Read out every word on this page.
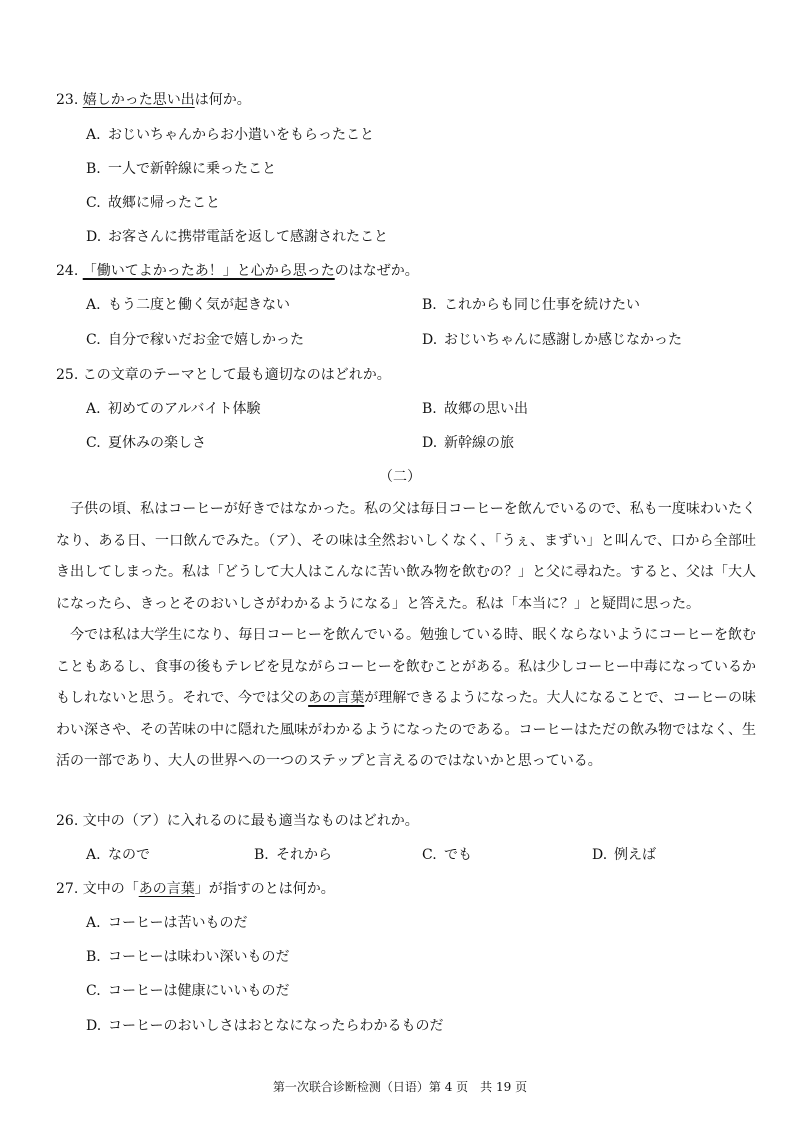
23. 嬉しかった思い出は何か。
A. おじいちゃんからお小遣いをもらったこと
B. 一人で新幹線に乗ったこと
C. 故郷に帰ったこと
D. お客さんに携帯電話を返して感謝されたこと
24. 「働いてよかったあ！」と心から思ったのはなぜか。
A. もう二度と働く気が起きない	B. これからも同じ仕事を続けたい
C. 自分で稼いだお金で嬉しかった	D. おじいちゃんに感謝しか感じなかった
25. この文章のテーマとして最も適切なのはどれか。
A. 初めてのアルバイト体験	B. 故郷の思い出
C. 夏休みの楽しさ	D. 新幹線の旅
（二）
子供の頃、私はコーヒーが好きではなかった。私の父は毎日コーヒーを飲んでいるので、私も一度味わいたくなり、ある日、一口飲んでみた。（ア）、その味は全然おいしくなく、「うぇ、まずい」と叫んで、口から全部吐き出してしまった。私は「どうして大人はこんなに苦い飲み物を飲むの？」と父に尋ねた。すると、父は「大人になったら、きっとそのおいしさがわかるようになる」と答えた。私は「本当に？」と疑問に思った。
今では私は大学生になり、毎日コーヒーを飲んでいる。勉強している時、眠くならないようにコーヒーを飲むこともあるし、食事の後もテレビを見ながらコーヒーを飲むことがある。私は少しコーヒー中毒になっているかもしれないと思う。それで、今では父のあの言葉が理解できるようになった。大人になることで、コーヒーの味わい深さや、その苦味の中に隠れた風味がわかるようになったのである。コーヒーはただの飲み物ではなく、生活の一部であり、大人の世界への一つのステップと言えるのではないかと思っている。
26. 文中の（ア）に入れるのに最も適当なものはどれか。
A. なので	B. それから	C. でも	D. 例えば
27. 文中の「あの言葉」が指すのとは何か。
A. コーヒーは苦いものだ
B. コーヒーは味わい深いものだ
C. コーヒーは健康にいいものだ
D. コーヒーのおいしさはおとなになったらわかるものだ
第一次联合诊断检测（日语）第 4 页　共 19 页
